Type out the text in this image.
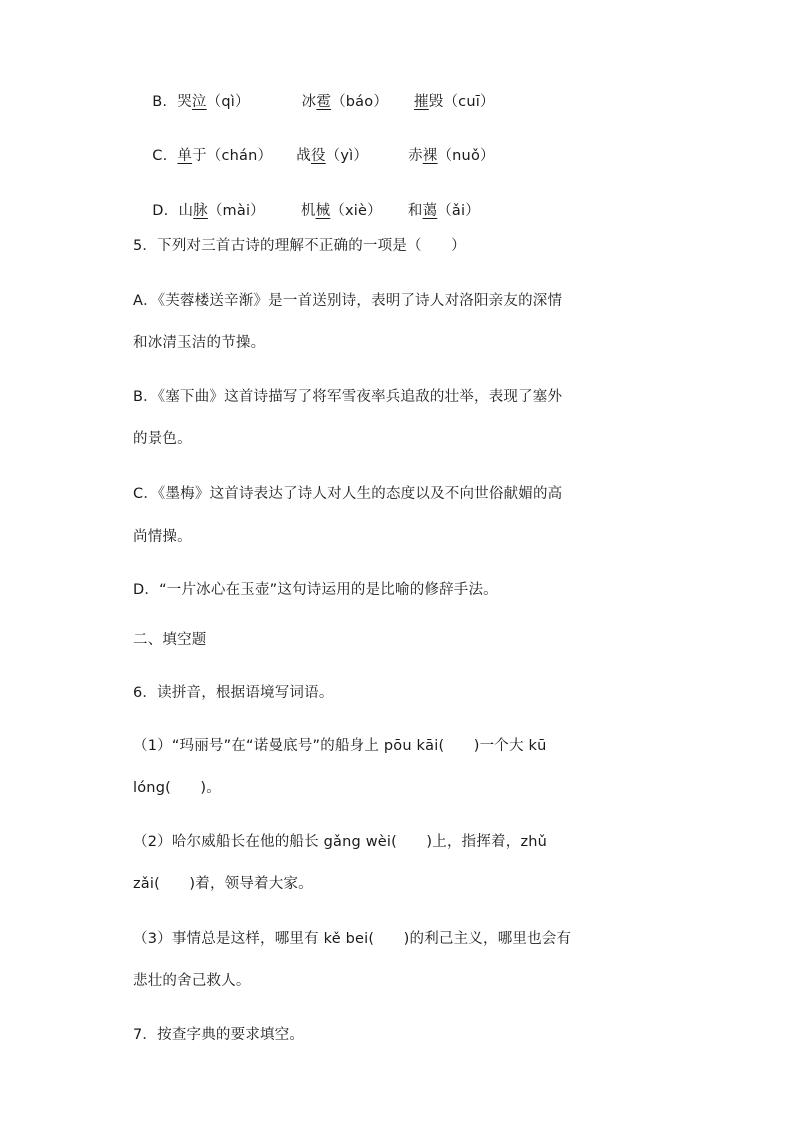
B. 哭泣（qì）	冰雹（báo） 摧毁（cuī）

C. 单于（chán） 战役（yì）	赤裸（nuǒ）

D. 山脉（mài） 机械（xiè） 和蔼（ǎi）

5．下列对三首古诗的理解不正确的一项是（　　）
A．《芙蓉楼送辛渐》是一首送别诗，表明了诗人对洛阳亲友的深情
和冰清玉洁的节操。
B．《塞下曲》这首诗描写了将军雪夜率兵追敌的壮举，表现了塞外
的景色。
C．《墨梅》这首诗表达了诗人对人生的态度以及不向世俗献媚的高
尚情操。
D．“一片冰心在玉壶”这句诗运用的是比喻的修辞手法。
二、填空题
6．读拼音，根据语境写词语。
（1）“玛丽号”在“诺曼底号”的船身上 pōu kāi(　　)一个大 kū
lóng(　　)。
（2）哈尔威船长在他的船长 gǎng wèi(　　)上，指挥着，zhǔ
zǎi(　　)着，领导着大家。
（3）事情总是这样，哪里有 kě bei(　　)的利己主义，哪里也会有
悲壮的舍己救人。
7．按查字典的要求填空。
